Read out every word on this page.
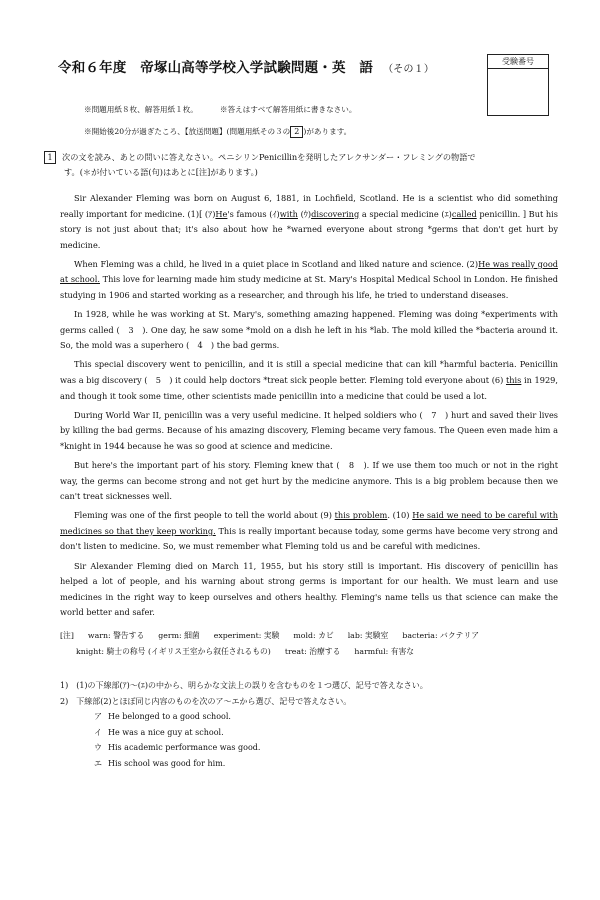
令和６年度　帝塚山高等学校入学試験問題・英　語 （その１）
受験番号
※問題用紙８枚、解答用紙１枚。	※答えはすべて解答用紙に書きなさい。
※開始後20分が過ぎたころ、【放送問題】(問題用紙その３の 2 )があります。
1 次の文を読み、あとの問いに答えなさい。ペニシリンPenicillinを発明したアレクサンダー・フレミングの物語で
す。(＊が付いている語(句)はあとに[注]があります。)

Sir Alexander Fleming was born on August 6, 1881, in Lochfield, Scotland. He is a scientist who did something really important for medicine. (1)[ (ｱ)He's famous (ｲ)with (ｳ)discovering a special medicine (ｴ)called penicillin. ] But his story is not just about that; it's also about how he *warned everyone about strong *germs that don't get hurt by medicine.

When Fleming was a child, he lived in a quiet place in Scotland and liked nature and science. (2)He was really good at school. This love for learning made him study medicine at St. Mary's Hospital Medical School in London. He finished studying in 1906 and started working as a researcher, and through his life, he tried to understand diseases.

In 1928, while he was working at St. Mary's, something amazing happened. Fleming was doing *experiments with germs called (　3　). One day, he saw some *mold on a dish he left in his *lab. The mold killed the *bacteria around it. So, the mold was a superhero (　4　) the bad germs.

This special discovery went to penicillin, and it is still a special medicine that can kill *harmful bacteria. Penicillin was a big discovery (　5　) it could help doctors *treat sick people better. Fleming told everyone about (6) this in 1929, and though it took some time, other scientists made penicillin into a medicine that could be used a lot.

During World War II, penicillin was a very useful medicine. It helped soldiers who (　7　) hurt and saved their lives by killing the bad germs. Because of his amazing discovery, Fleming became very famous. The Queen even made him a *knight in 1944 because he was so good at science and medicine.

But here's the important part of his story. Fleming knew that (　8　). If we use them too much or not in the right way, the germs can become strong and not get hurt by the medicine anymore. This is a big problem because then we can't treat sicknesses well.

Fleming was one of the first people to tell the world about (9) this problem. (10) He said we need to be careful with medicines so that they keep working. This is really important because today, some germs have become very strong and don't listen to medicine. So, we must remember what Fleming told us and be careful with medicines.

Sir Alexander Fleming died on March 11, 1955, but his story still is important. His discovery of penicillin has helped a lot of people, and his warning about strong germs is important for our health. We must learn and use medicines in the right way to keep ourselves and others healthy. Fleming's name tells us that science can make the world better and safer.

[注] warn: 警告する germ: 細菌 experiment: 実験 mold: カビ lab: 実験室 bacteria: バクテリア
knight: 騎士の称号 (イギリス王室から叙任されるもの) treat: 治療する harmful: 有害な
1)　(1)の下線部(ｱ)～(ｴ)の中から、明らかな文法上の誤りを含むものを１つ選び、記号で答えなさい。
2)　下線部(2)とほぼ同じ内容のものを次のア～エから選び、記号で答えなさい。
ア He belonged to a good school.
イ He was a nice guy at school.
ウ His academic performance was good.
エ His school was good for him.
